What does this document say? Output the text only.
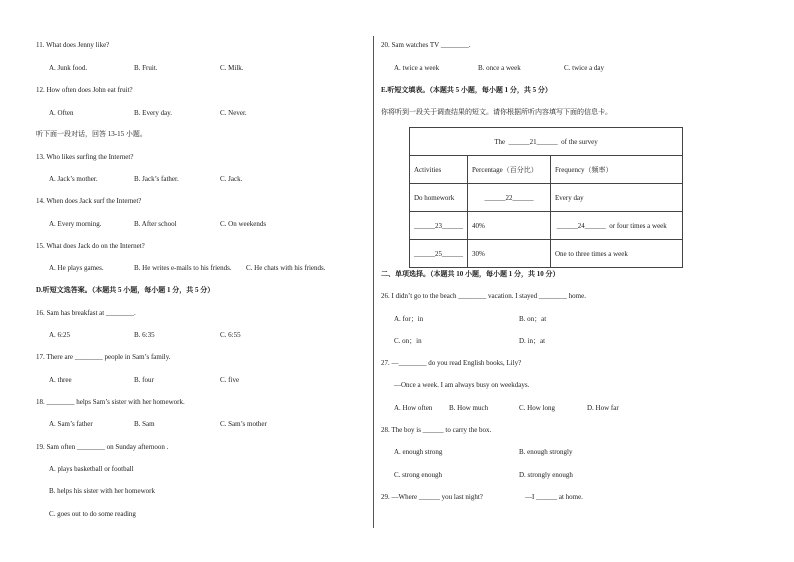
11. What does Jenny like?
A. Junk food.	B. Fruit.	C. Milk.
12. How often does John eat fruit?
A. Often	B. Every day.	C. Never.
听下面一段对话，回答 13-15 小题。
13. Who likes surfing the Internet?
A. Jack’s mother.	B. Jack’s father.	C. Jack.
14. When does Jack surf the Internet?
A. Every morning.	B. After school	C. On weekends
15. What does Jack do on the Internet?
A. He plays games.	B. He writes e-mails to his friends. C. He chats with his friends.
D.听短文选答案。（本题共 5 小题，每小题 1 分，共 5 分）
16. Sam has breakfast at ________.
A. 6:25	B. 6:35	C. 6:55
17. There are ________ people in Sam’s family.
A. three	B. four	C. five
18. ________ helps Sam’s sister with her homework.
A. Sam’s father	B. Sam	C. Sam’s mother
19. Sam often ________ on Sunday afternoon .
A. plays basketball or football
B. helps his sister with her homework
C. goes out to do some reading
20. Sam watches TV ________.
A. twice a week	B. once a week	C. twice a day
E.听短文填表。（本题共 5 小题，每小题 1 分，共 5 分）
你将听到一段关于调查结果的短文。请你根据所听内容填写下面的信息卡。
The ______21______ of the survey		
Activities	Percentage（百分比）	Frequency（频率）
Do homework	______22______	Every day
______23______	40%	______24______ or four times a week
______25______	30%	One to three times a week
二、单项选择。（本题共 10 小题，每小题 1 分，共 10 分）
26. I didn’t go to the beach ________ vacation. I stayed ________ home.
A. for；in	B. on；at
C. on；in	D. in；at
27. —________ do you read English books, Lily?
—Once a week. I am always busy on weekdays.
A. How often B. How much	C. How long	D. How far
28. The boy is ______ to carry the box.
A. enough strong	B. enough strongly
C. strong enough	D. strongly enough
29. —Where ______ you last night?	—I ______ at home.
